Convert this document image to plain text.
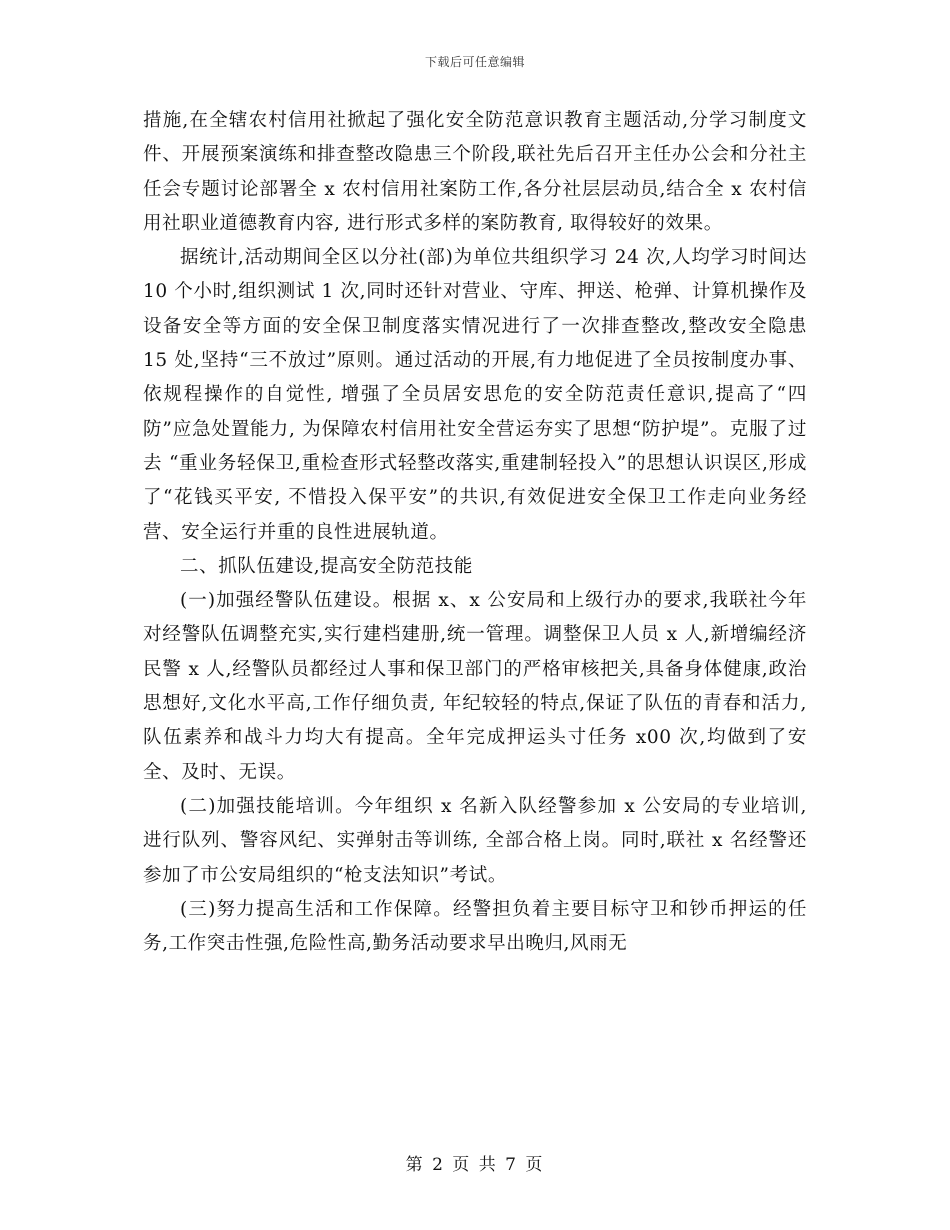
下载后可任意编辑

措施,在全辖农村信用社掀起了强化安全防范意识教育主题活动,分学习制度文件、开展预案演练和排查整改隐患三个阶段,联社先后召开主任办公会和分社主任会专题讨论部署全 x 农村信用社案防工作,各分社层层动员,结合全 x 农村信用社职业道德教育内容, 进行形式多样的案防教育, 取得较好的效果。

据统计,活动期间全区以分社(部)为单位共组织学习 24 次,人均学习时间达 10 个小时,组织测试 1 次,同时还针对营业、守库、押送、枪弹、计算机操作及设备安全等方面的安全保卫制度落实情况进行了一次排查整改,整改安全隐患 15 处,坚持“三不放过”原则。通过活动的开展,有力地促进了全员按制度办事、依规程操作的自觉性, 增强了全员居安思危的安全防范责任意识,提高了“四防”应急处置能力, 为保障农村信用社安全营运夯实了思想“防护堤”。克服了过去 “重业务轻保卫,重检查形式轻整改落实,重建制轻投入”的思想认识误区,形成了“花钱买平安, 不惜投入保平安”的共识,有效促进安全保卫工作走向业务经营、安全运行并重的良性进展轨道。

二、抓队伍建设,提高安全防范技能

(一)加强经警队伍建设。根据 x、x 公安局和上级行办的要求,我联社今年对经警队伍调整充实,实行建档建册,统一管理。调整保卫人员 x 人,新增编经济民警 x 人,经警队员都经过人事和保卫部门的严格审核把关,具备身体健康,政治思想好,文化水平高,工作仔细负责, 年纪较轻的特点,保证了队伍的青春和活力,队伍素养和战斗力均大有提高。全年完成押运头寸任务 x00 次,均做到了安全、及时、无误。

(二)加强技能培训。今年组织 x 名新入队经警参加 x 公安局的专业培训, 进行队列、警容风纪、实弹射击等训练, 全部合格上岗。同时,联社 x 名经警还参加了市公安局组织的“枪支法知识”考试。

(三)努力提高生活和工作保障。经警担负着主要目标守卫和钞币押运的任务,工作突击性强,危险性高,勤务活动要求早出晚归,风雨无

第 2 页 共 7 页
